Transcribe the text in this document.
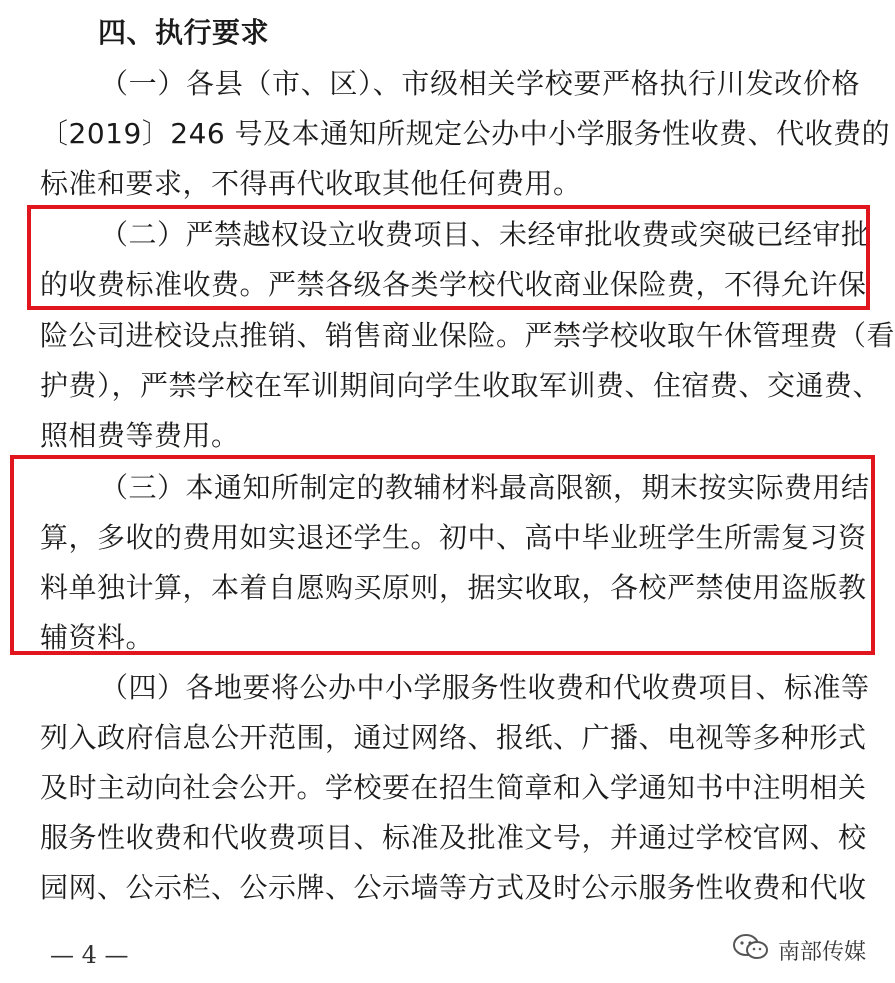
四、执行要求
（一）各县（市、区）、市级相关学校要严格执行川发改价格
〔2019〕246 号及本通知所规定公办中小学服务性收费、代收费的
标准和要求，不得再代收取其他任何费用。
（二）严禁越权设立收费项目、未经审批收费或突破已经审批
的收费标准收费。严禁各级各类学校代收商业保险费，不得允许保
险公司进校设点推销、销售商业保险。严禁学校收取午休管理费（看
护费），严禁学校在军训期间向学生收取军训费、住宿费、交通费、
照相费等费用。
（三）本通知所制定的教辅材料最高限额，期末按实际费用结
算，多收的费用如实退还学生。初中、高中毕业班学生所需复习资
料单独计算，本着自愿购买原则，据实收取，各校严禁使用盗版教
辅资料。
（四）各地要将公办中小学服务性收费和代收费项目、标准等
列入政府信息公开范围，通过网络、报纸、广播、电视等多种形式
及时主动向社会公开。学校要在招生简章和入学通知书中注明相关
服务性收费和代收费项目、标准及批准文号，并通过学校官网、校
园网、公示栏、公示牌、公示墙等方式及时公示服务性收费和代收
— 4 —	南部传媒
